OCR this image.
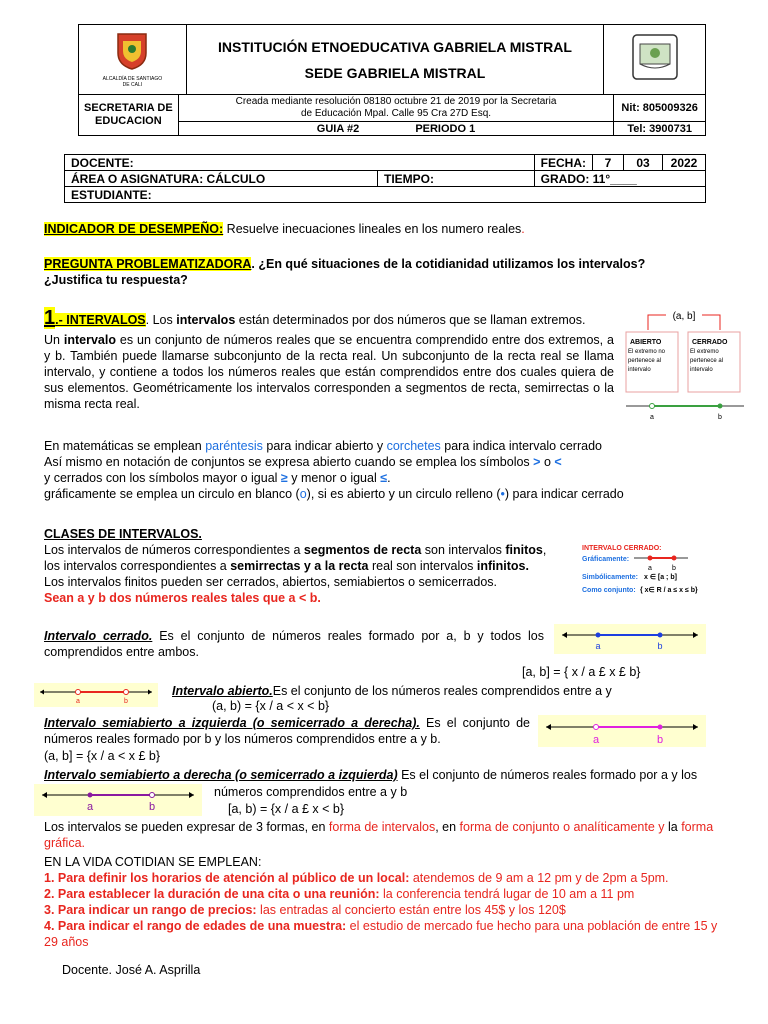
ALCALDÍA DE SANTIAGO DE CALI

INSTITUCIÓN ETNOEDUCATIVA GABRIELA MISTRAL
SEDE GABRIELA MISTRAL

SECRETARIA DE EDUCACION	Creada mediante resolución 08180 octubre 21 de 2019 por la Secretaria de Educación Mpal. Calle 95 Cra 27D Esq.	Nit: 805009326
	GUIA #2 PERIODO 1	Tel: 3900731
DOCENTE:		FECHA:	7	03	2022
ÁREA O ASIGNATURA: CÁLCULO	TIEMPO:	GRADO: 11°____			
ESTUDIANTE:					
INDICADOR DE DESEMPEÑO: Resuelve inecuaciones lineales en los numero reales.
PREGUNTA PROBLEMATIZADORA. ¿En qué situaciones de la cotidianidad utilizamos los intervalos?
¿Justifica tu respuesta?
1.- INTERVALOS. Los intervalos están determinados por dos números que se llaman extremos.
Un intervalo es un conjunto de números reales que se encuentra comprendido entre dos extremos, a y b. También puede llamarse subconjunto de la recta real. Un subconjunto de la recta real se llama intervalo, y contiene a todos los números reales que están comprendidos entre dos cuales quiera de sus elementos. Geométricamente los intervalos corresponden a segmentos de recta, semirrectas o la misma recta real.
(a, b]
ABIERTO
El extremo no pertenece al intervalo
CERRADO
El extremo pertenece al intervalo
a	b
En matemáticas se emplean paréntesis para indicar abierto y corchetes para indica intervalo cerrado
Así mismo en notación de conjuntos se expresa abierto cuando se emplea los símbolos > o <
y cerrados con los símbolos mayor o igual ≥ y menor o igual ≤.
gráficamente se emplea un circulo en blanco (o), si es abierto y un circulo relleno (•) para indicar cerrado
CLASES DE INTERVALOS.
Los intervalos de números correspondientes a segmentos de recta son intervalos finitos,
los intervalos correspondientes a semirrectas y a la recta real son intervalos infinitos.
Los intervalos finitos pueden ser cerrados, abiertos, semiabiertos o semicerrados.
Sean a y b dos números reales tales que a < b.
INTERVALO CERRADO:
Gráficamente:
a	b
Simbólicamente: x ∈ [a ; b]
Como conjunto: { x∈ R / a ≤ x ≤ b}
Intervalo cerrado. Es el conjunto de números reales formado por a, b y todos los comprendidos entre ambos.	a	b
[a, b] = { x / a £ x £ b}
a	b
Intervalo abierto.Es el conjunto de los números reales comprendidos entre a y
(a, b) = {x / a < x < b}
Intervalo semiabierto a izquierda (o semicerrado a derecha). Es el conjunto de números reales formado por b y los números comprendidos entre a y b.
(a, b] = {x / a < x £ b}
a	b
Intervalo semiabierto a derecha (o semicerrado a izquierda) Es el conjunto de números reales formado por a y los
a	b
números comprendidos entre a y b
[a, b) = {x / a £ x < b}
Los intervalos se pueden expresar de 3 formas, en forma de intervalos, en forma de conjunto o analíticamente y la forma gráfica.
EN LA VIDA COTIDIAN SE EMPLEAN:
1. Para definir los horarios de atención al público de un local: atendemos de 9 am a 12 pm y de 2pm a 5pm.
2. Para establecer la duración de una cita o una reunión: la conferencia tendrá lugar de 10 am a 11 pm
3. Para indicar un rango de precios: las entradas al concierto están entre los 45$ y los 120$
4. Para indicar el rango de edades de una muestra: el estudio de mercado fue hecho para una población de entre 15 y 29 años
Docente. José A. Asprilla
